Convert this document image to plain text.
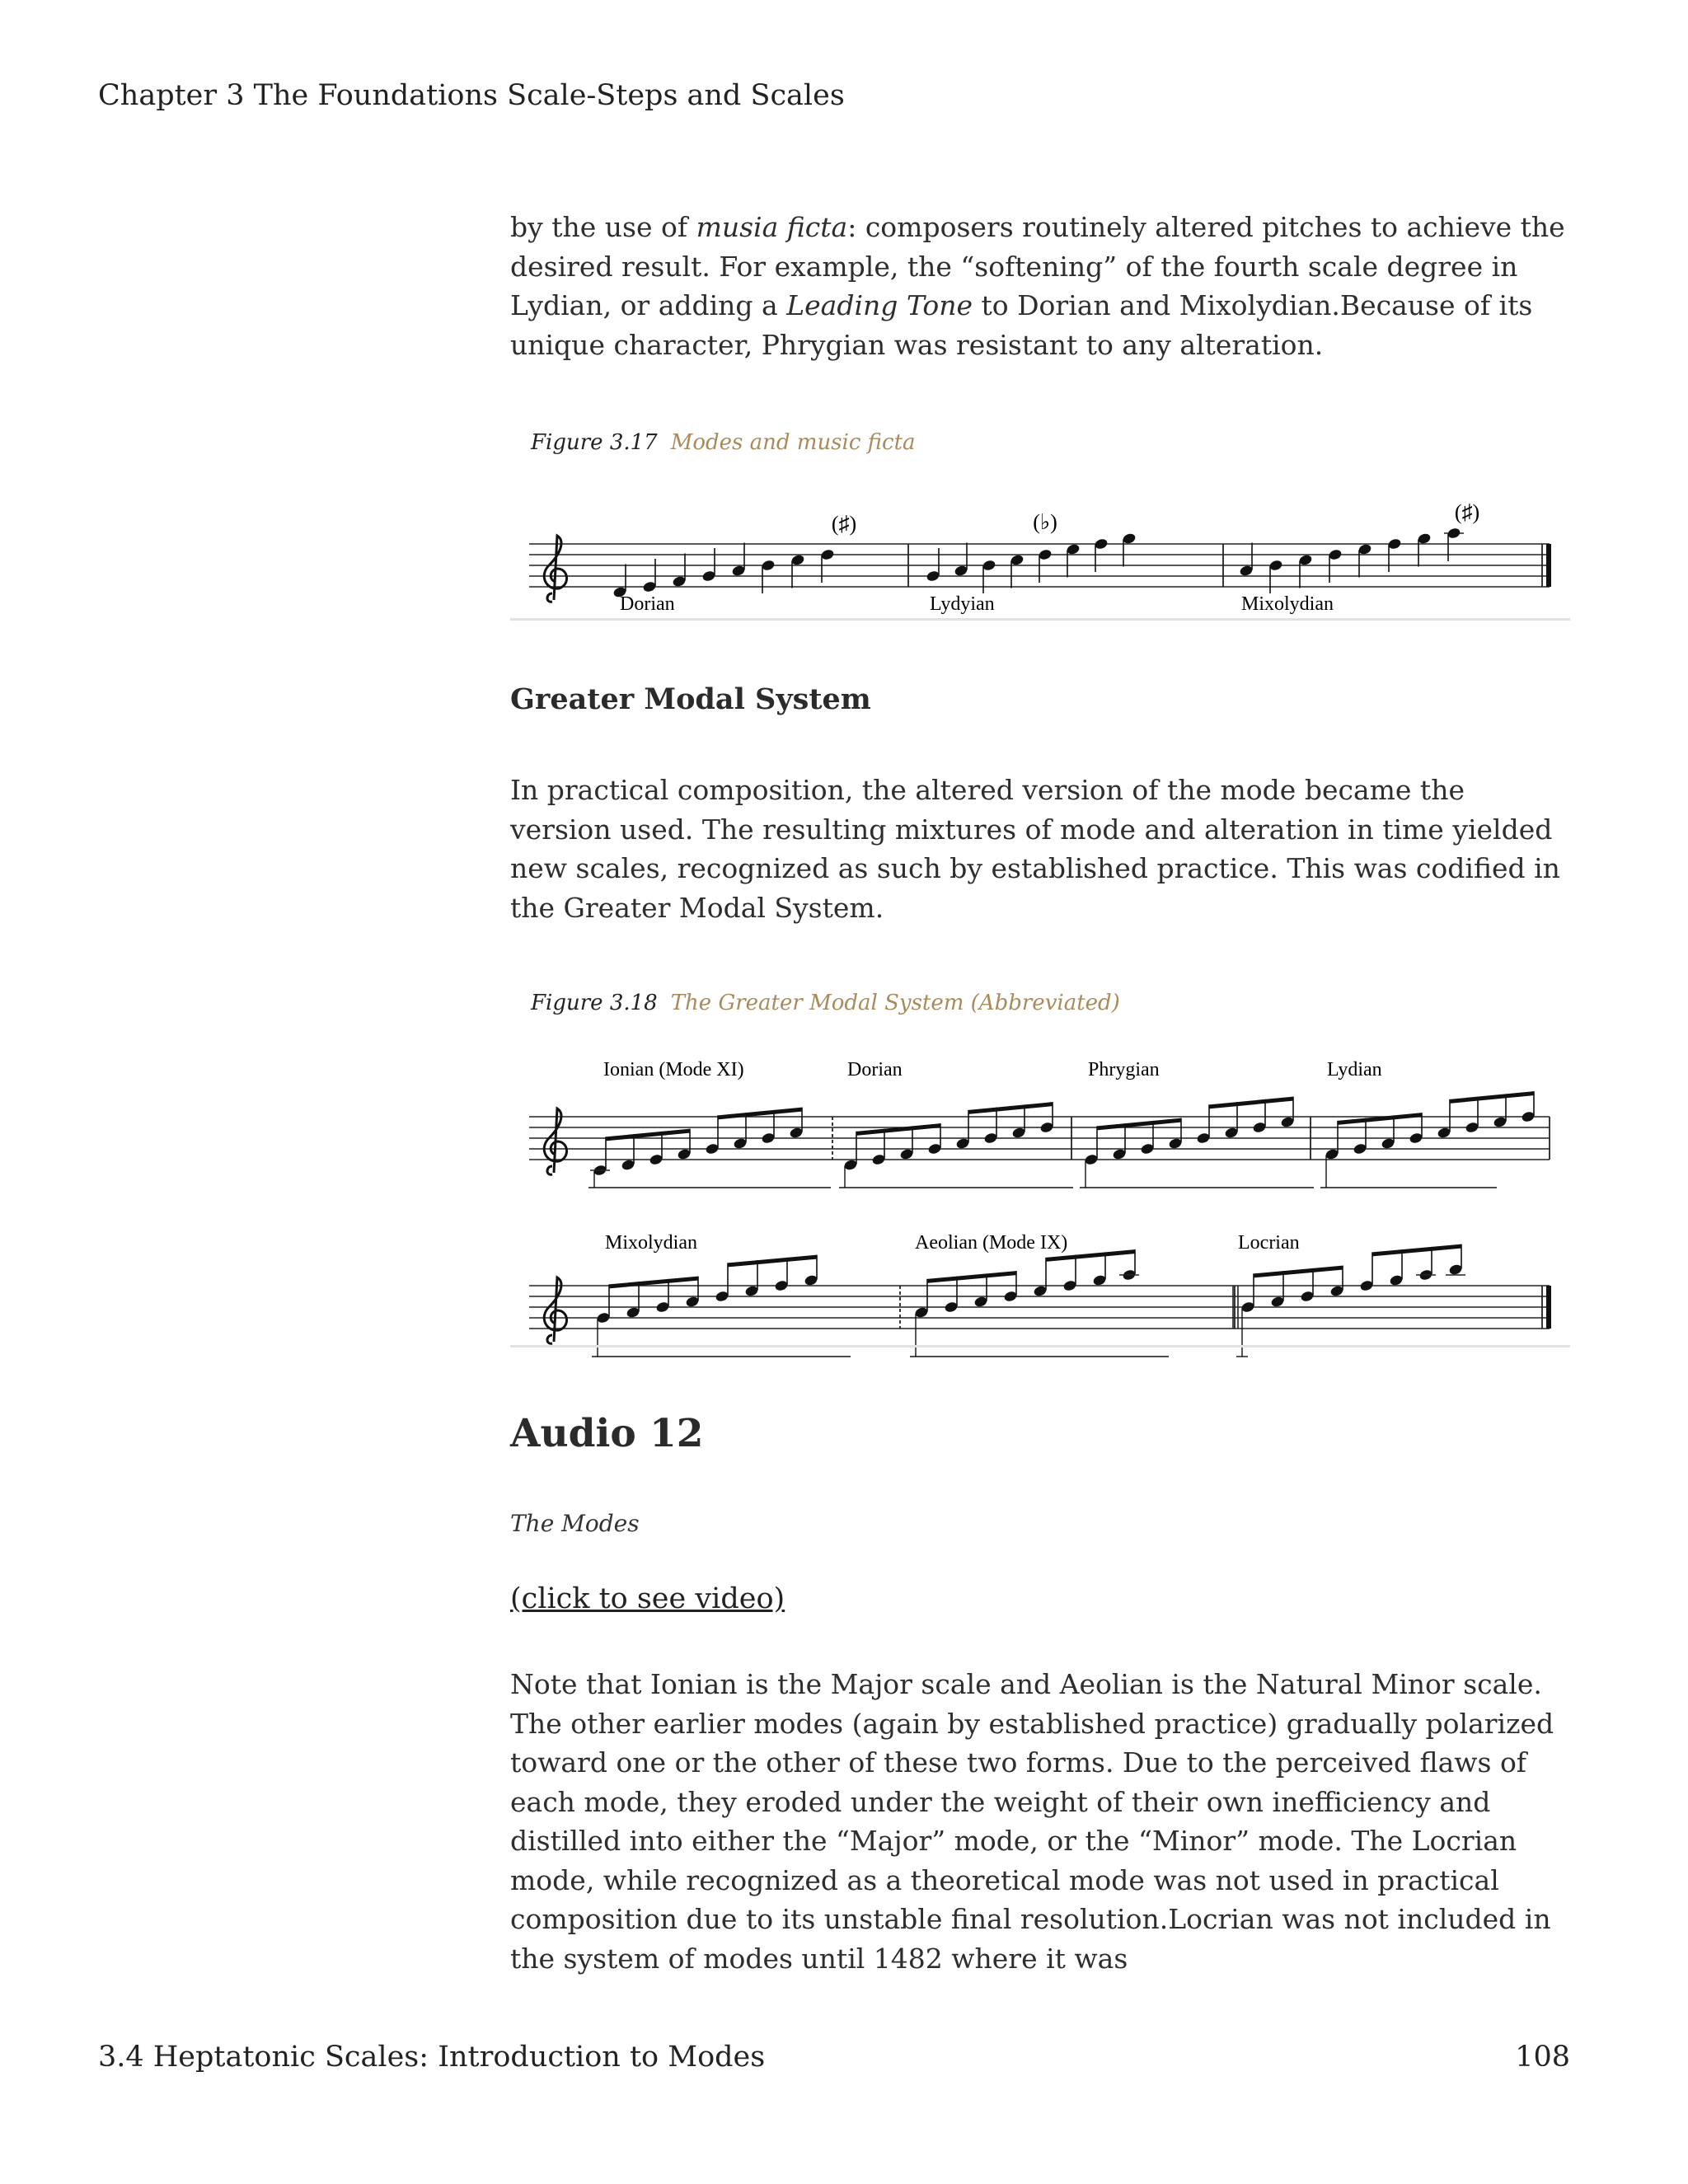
Chapter 3 The Foundations Scale-Steps and Scales
by the use of musia ficta: composers routinely altered pitches to achieve the desired result. For example, the “softening” of the fourth scale degree in Lydian, or adding a Leading Tone to Dorian and Mixolydian.Because of its unique character, Phrygian was resistant to any alteration.
Figure 3.17 Modes and music ficta
(♯)	(♭)	(♯)
Dorian	Lydyian	Mixolydian
Greater Modal System
In practical composition, the altered version of the mode became the version used. The resulting mixtures of mode and alteration in time yielded new scales, recognized as such by established practice. This was codified in the Greater Modal System.
Figure 3.18 The Greater Modal System (Abbreviated)
Ionian (Mode XI)	Dorian	Phrygian	Lydian
Mixolydian	Aeolian (Mode IX)	Locrian
Audio 12
The Modes
(click to see video)
Note that Ionian is the Major scale and Aeolian is the Natural Minor scale. The other earlier modes (again by established practice) gradually polarized toward one or the other of these two forms. Due to the perceived flaws of each mode, they eroded under the weight of their own inefficiency and distilled into either the “Major” mode, or the “Minor” mode. The Locrian mode, while recognized as a theoretical mode was not used in practical composition due to its unstable final resolution.Locrian was not included in the system of modes until 1482 where it was
3.4 Heptatonic Scales: Introduction to Modes	108
